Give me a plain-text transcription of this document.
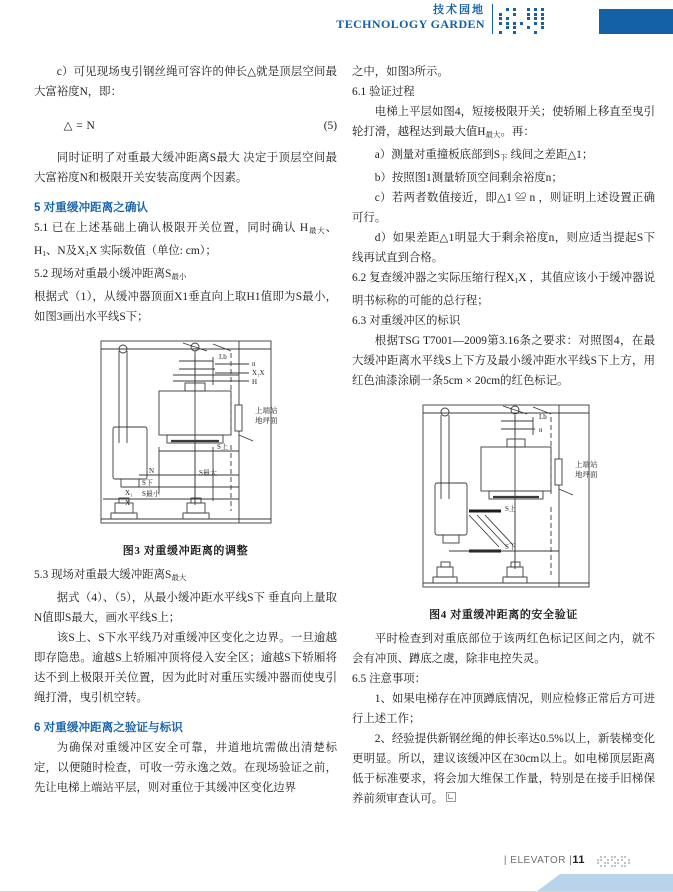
技术园地
TECHNOLOGY GARDEN

c）可见现场曳引钢丝绳可容许的伸长△就是顶层空间最大富裕度N，即：

△ = N	(5)

同时证明了对重最大缓冲距离S最大 决定于顶层空间最大富裕度N和极限开关安装高度两个因素。

5 对重缓冲距离之确认

5.1 已在上述基础上确认极限开关位置，同时确认 $H_{最大}$、$H_1$、N及$X_1X$ 实际数值（单位: cm）；

5.2 现场对重最小缓冲距离$S_{最小}$

根据式（1），从缓冲器顶面X1垂直向上取H1值即为S最小，如图3画出水平线S下；

Lb
n
X₁X
H
上端站
地坪面
S上
N	S最大
S下
S最小
X₁
X
图3 对重缓冲距离的调整

5.3 现场对重最大缓冲距离$S_{最大}$

据式（4）、（5），从最小缓冲距水平线S下 垂直向上量取N值即S最大，画水平线S上；

该S上、S下水平线乃对重缓冲区变化之边界。一旦逾越即存隐患。逾越S上轿厢冲顶将侵入安全区；逾越S下轿厢将达不到上极限开关位置，因为此时对重压实缓冲器而使曳引绳打滑，曳引机空转。

6 对重缓冲距离之验证与标识

为确保对重缓冲区安全可靠，井道地坑需做出清楚标定，以便随时检查，可收一劳永逸之效。在现场验证之前，先让电梯上端站平层，则对重位于其缓冲区变化边界

之中，如图3所示。

6.1 验证过程

电梯上平层如图4，短接极限开关；使轿厢上移直至曳引轮打滑，越程达到最大值$H_{最大}$。再：

a）测量对重撞板底部到$S_下$ 线间之差距△1；

b）按照图1测量轿顶空间剩余裕度n；

c）若两者数值接近，即△1 ≌ n ，则证明上述设置正确可行。

d）如果差距△1明显大于剩余裕度n，则应适当提起S下 线再试直到合格。

6.2 复查缓冲器之实际压缩行程$X_1X$ ，其值应该小于缓冲器说明书标称的可能的总行程；

6.3 对重缓冲区的标识

根据TSG T7001—2009第3.16条之要求：对照图4，在最大缓冲距离水平线S上下方及最小缓冲距水平线S下上方，用红色油漆涂刷一条5cm × 20cm的红色标记。

Lb
n
上端站
地坪面
S上
S下
图4 对重缓冲距离的安全验证

平时检查到对重底部位于该两红色标记区间之内，就不会有冲顶、蹲底之虞，除非电控失灵。

6.5 注意事项：

1、如果电梯存在冲顶蹲底情况，则应检修正常后方可进行上述工作；

2、经验提供新钢丝绳的伸长率达0.5%以上，新装梯变化更明显。所以，建议该缓冲区在30cm以上。如电梯顶层距离低于标准要求，将会加大维保工作量，特别是在接手旧梯保养前须审查认可。

| ELEVATOR |11
